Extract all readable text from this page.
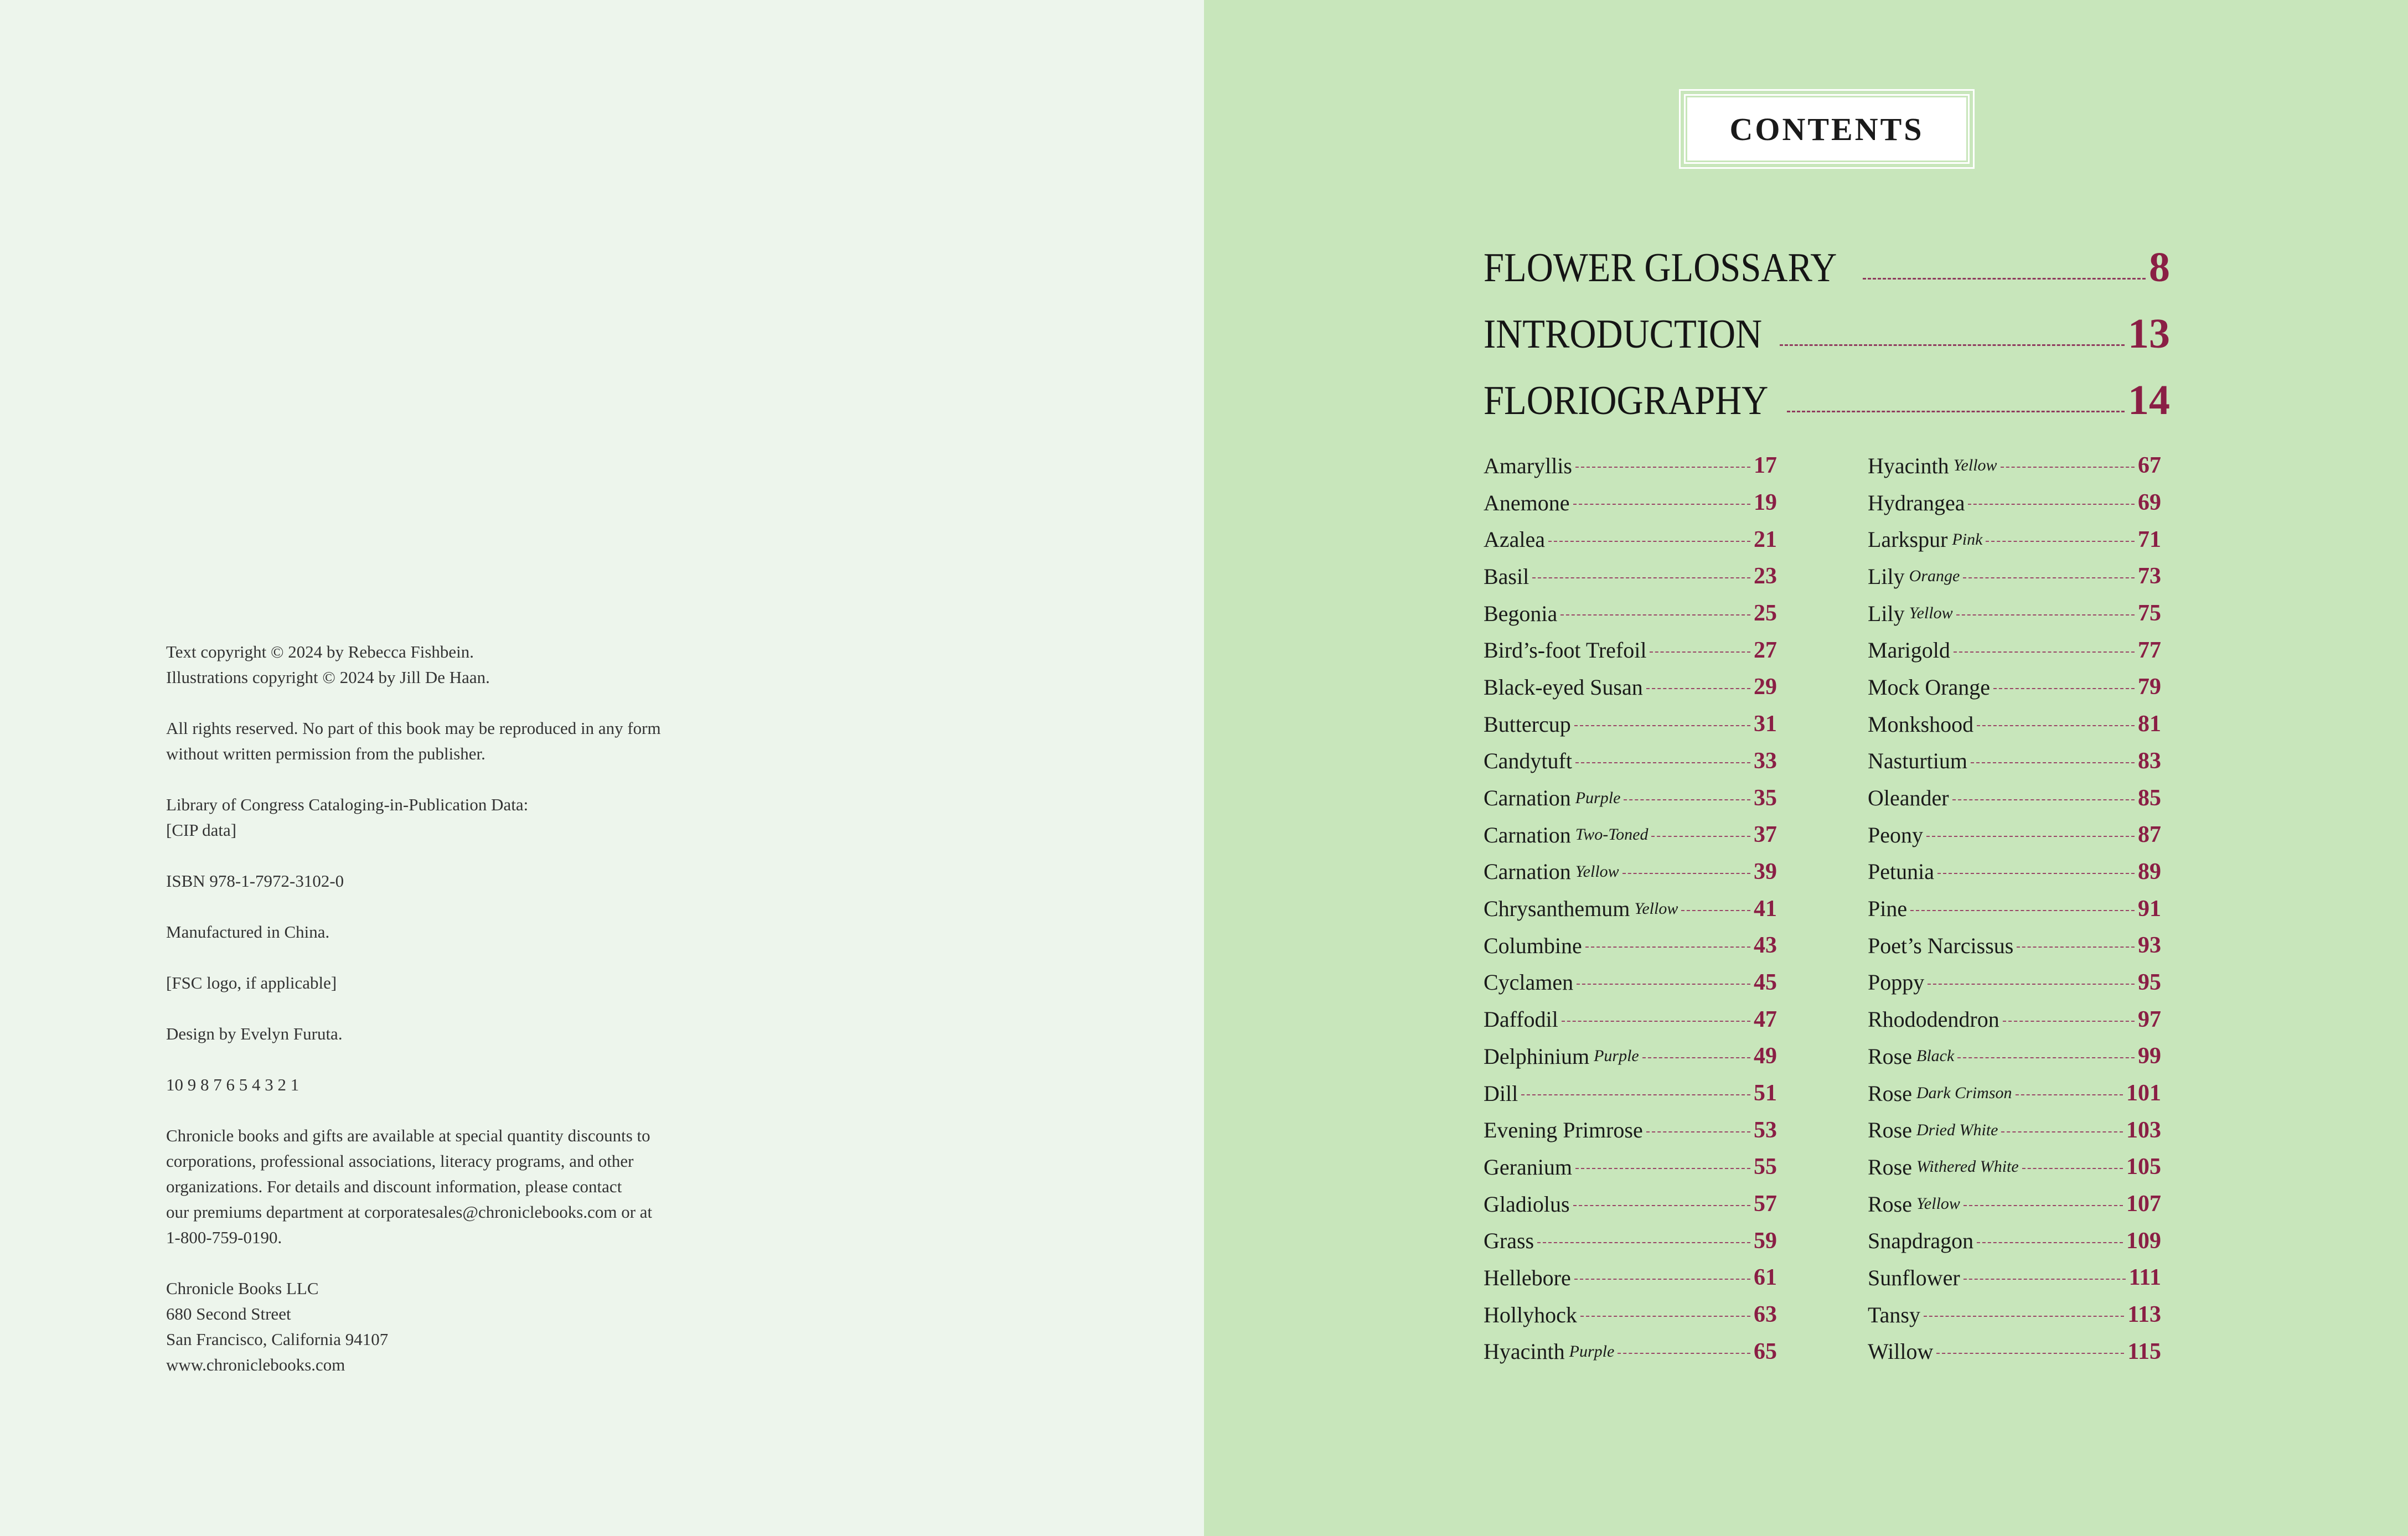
Text copyright © 2024 by Rebecca Fishbein.
Illustrations copyright © 2024 by Jill De Haan.
All rights reserved. No part of this book may be reproduced in any form
without written permission from the publisher.
Library of Congress Cataloging-in-Publication Data:
[CIP data]
ISBN 978-1-7972-3102-0
Manufactured in China.
[FSC logo, if applicable]
Design by Evelyn Furuta.
10 9 8 7 6 5 4 3 2 1
Chronicle books and gifts are available at special quantity discounts to
corporations, professional associations, literacy programs, and other
organizations. For details and discount information, please contact
our premiums department at corporatesales@chroniclebooks.com or at
1-800-759-0190.
Chronicle Books LLC
680 Second Street
San Francisco, California 94107
www.chroniclebooks.com
CONTENTS
FLOWER GLOSSARY	8
INTRODUCTION	13
FLORIOGRAPHY	14
Amaryllis	17
Anemone	19
Azalea	21
Basil	23
Begonia	25
Bird’s-foot Trefoil	27
Black-eyed Susan	29
Buttercup	31
Candytuft	33
Carnation Purple	35
Carnation Two-Toned	37
Carnation Yellow	39
Chrysanthemum Yellow	41
Columbine	43
Cyclamen	45
Daffodil	47
Delphinium Purple	49
Dill	51
Evening Primrose	53
Geranium	55
Gladiolus	57
Grass	59
Hellebore	61
Hollyhock	63
Hyacinth Purple	65
Hyacinth Yellow	67
Hydrangea	69
Larkspur Pink	71
Lily Orange	73
Lily Yellow	75
Marigold	77
Mock Orange	79
Monkshood	81
Nasturtium	83
Oleander	85
Peony	87
Petunia	89
Pine	91
Poet’s Narcissus	93
Poppy	95
Rhododendron	97
Rose Black	99
Rose Dark Crimson	101
Rose Dried White	103
Rose Withered White	105
Rose Yellow	107
Snapdragon	109
Sunflower	111
Tansy	113
Willow	115
